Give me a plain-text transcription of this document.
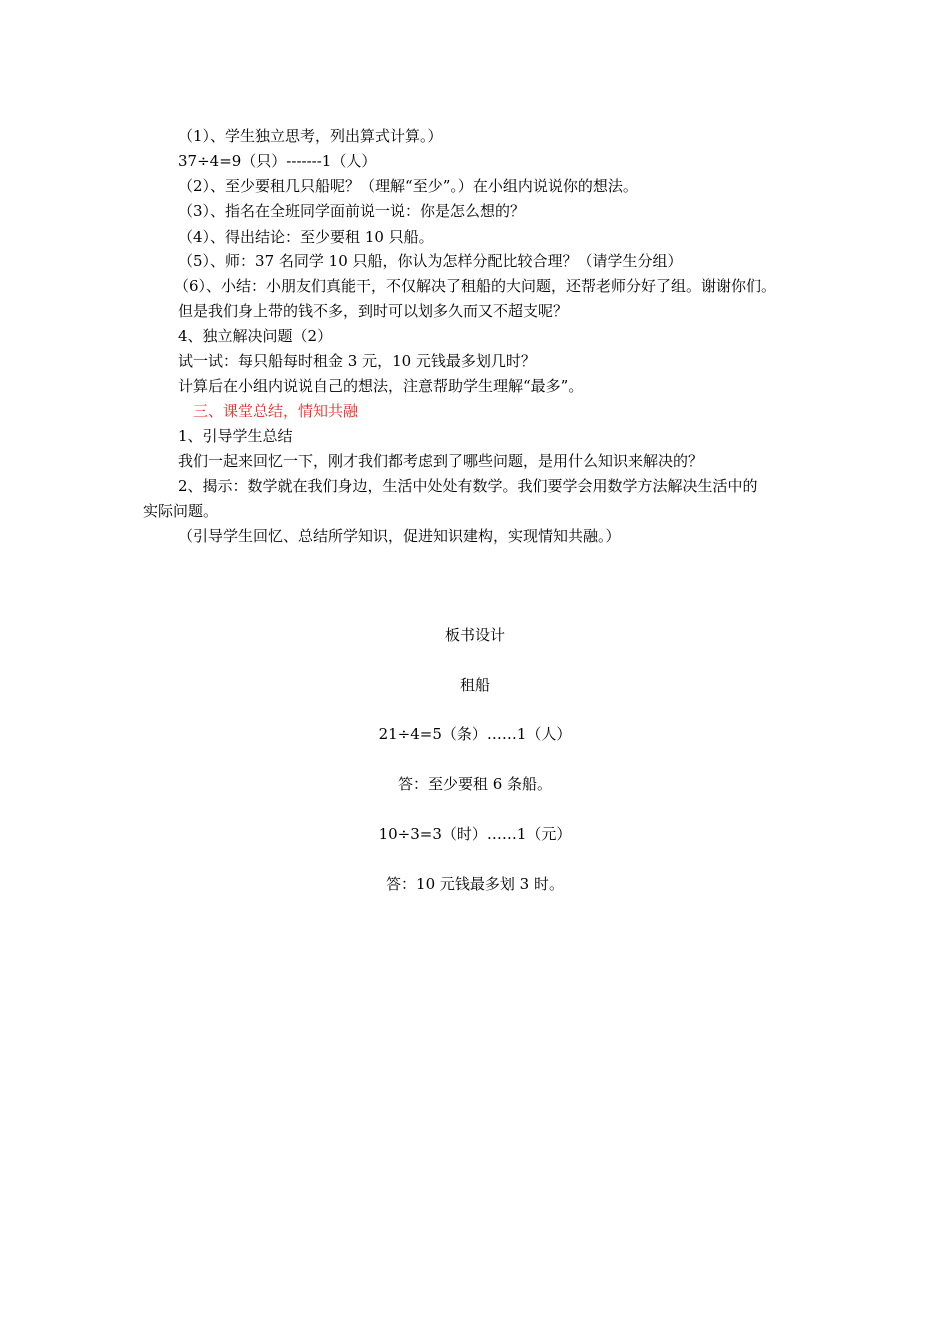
（1）、学生独立思考，列出算式计算。）
37÷4=9（只）-------1（人）
（2）、至少要租几只船呢？（理解“至少”。）在小组内说说你的想法。
（3）、指名在全班同学面前说一说：你是怎么想的？
（4）、得出结论：至少要租 10 只船。
（5）、师：37 名同学 10 只船，你认为怎样分配比较合理？（请学生分组）
（6）、小结：小朋友们真能干，不仅解决了租船的大问题，还帮老师分好了组。谢谢你们。
但是我们身上带的钱不多，到时可以划多久而又不超支呢？
4、独立解决问题（2）
试一试：每只船每时租金 3 元，10 元钱最多划几时？
计算后在小组内说说自己的想法，注意帮助学生理解“最多”。
三、课堂总结，情知共融
1、引导学生总结
我们一起来回忆一下，刚才我们都考虑到了哪些问题，是用什么知识来解决的？
2、揭示：数学就在我们身边，生活中处处有数学。我们要学会用数学方法解决生活中的
实际问题。
（引导学生回忆、总结所学知识，促进知识建构，实现情知共融。）
板书设计
租船
21÷4=5（条）……1（人）
答：至少要租 6 条船。
10÷3=3（时）……1（元）
答：10 元钱最多划 3 时。
